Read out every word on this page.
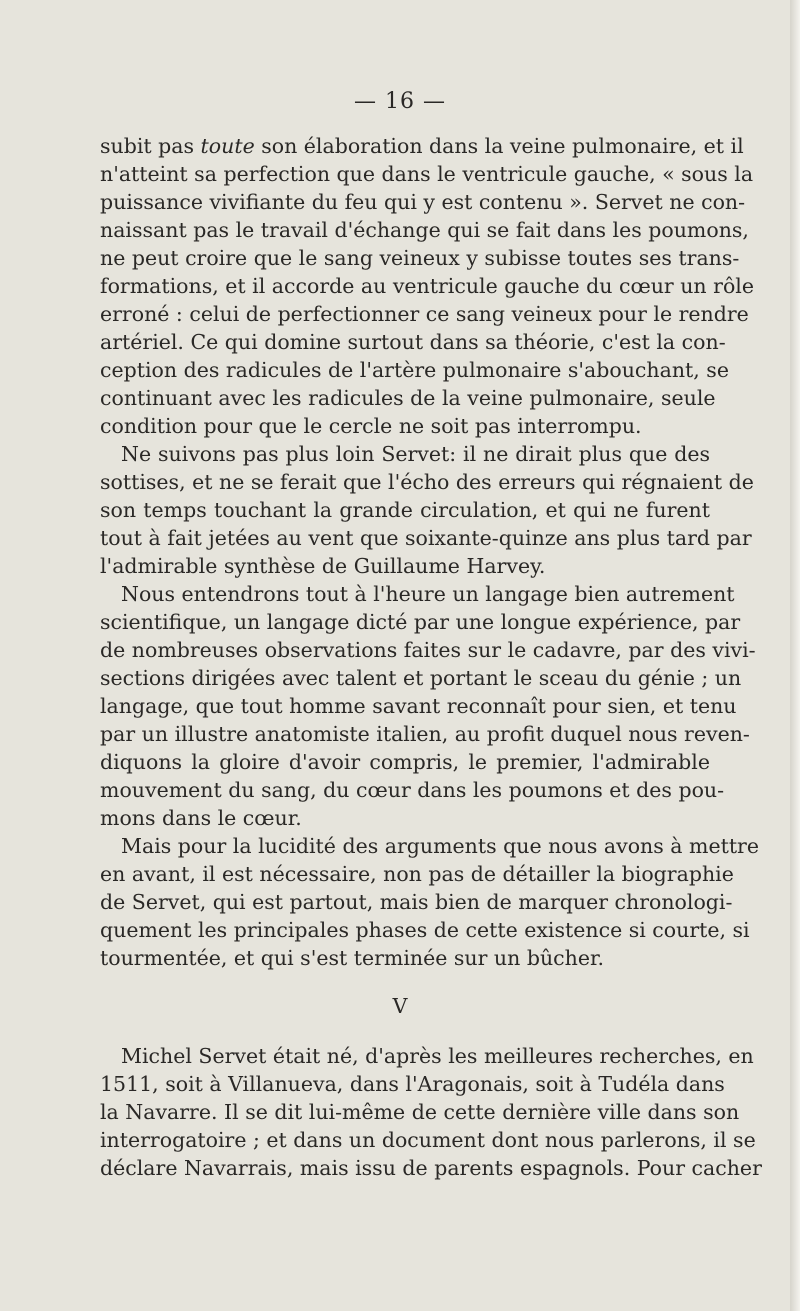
— 16 —
subit pas toute son élaboration dans la veine pulmonaire, et il
n'atteint sa perfection que dans le ventricule gauche, « sous la
puissance vivifiante du feu qui y est contenu ». Servet ne con-
naissant pas le travail d'échange qui se fait dans les poumons,
ne peut croire que le sang veineux y subisse toutes ses trans-
formations, et il accorde au ventricule gauche du cœur un rôle
erroné : celui de perfectionner ce sang veineux pour le rendre
artériel. Ce qui domine surtout dans sa théorie, c'est la con-
ception des radicules de l'artère pulmonaire s'abouchant, se
continuant avec les radicules de la veine pulmonaire, seule
condition pour que le cercle ne soit pas interrompu.
Ne suivons pas plus loin Servet: il ne dirait plus que des
sottises, et ne se ferait que l'écho des erreurs qui régnaient de
son temps touchant la grande circulation, et qui ne furent
tout à fait jetées au vent que soixante-quinze ans plus tard par
l'admirable synthèse de Guillaume Harvey.
Nous entendrons tout à l'heure un langage bien autrement
scientifique, un langage dicté par une longue expérience, par
de nombreuses observations faites sur le cadavre, par des vivi-
sections dirigées avec talent et portant le sceau du génie ; un
langage, que tout homme savant reconnaît pour sien, et tenu
par un illustre anatomiste italien, au profit duquel nous reven-
diquons la gloire d'avoir compris, le premier, l'admirable
mouvement du sang, du cœur dans les poumons et des pou-
mons dans le cœur.
Mais pour la lucidité des arguments que nous avons à mettre
en avant, il est nécessaire, non pas de détailler la biographie
de Servet, qui est partout, mais bien de marquer chronologi-
quement les principales phases de cette existence si courte, si
tourmentée, et qui s'est terminée sur un bûcher.
V
Michel Servet était né, d'après les meilleures recherches, en
1511, soit à Villanueva, dans l'Aragonais, soit à Tudéla dans
la Navarre. Il se dit lui-même de cette dernière ville dans son
interrogatoire ; et dans un document dont nous parlerons, il se
déclare Navarrais, mais issu de parents espagnols. Pour cacher
